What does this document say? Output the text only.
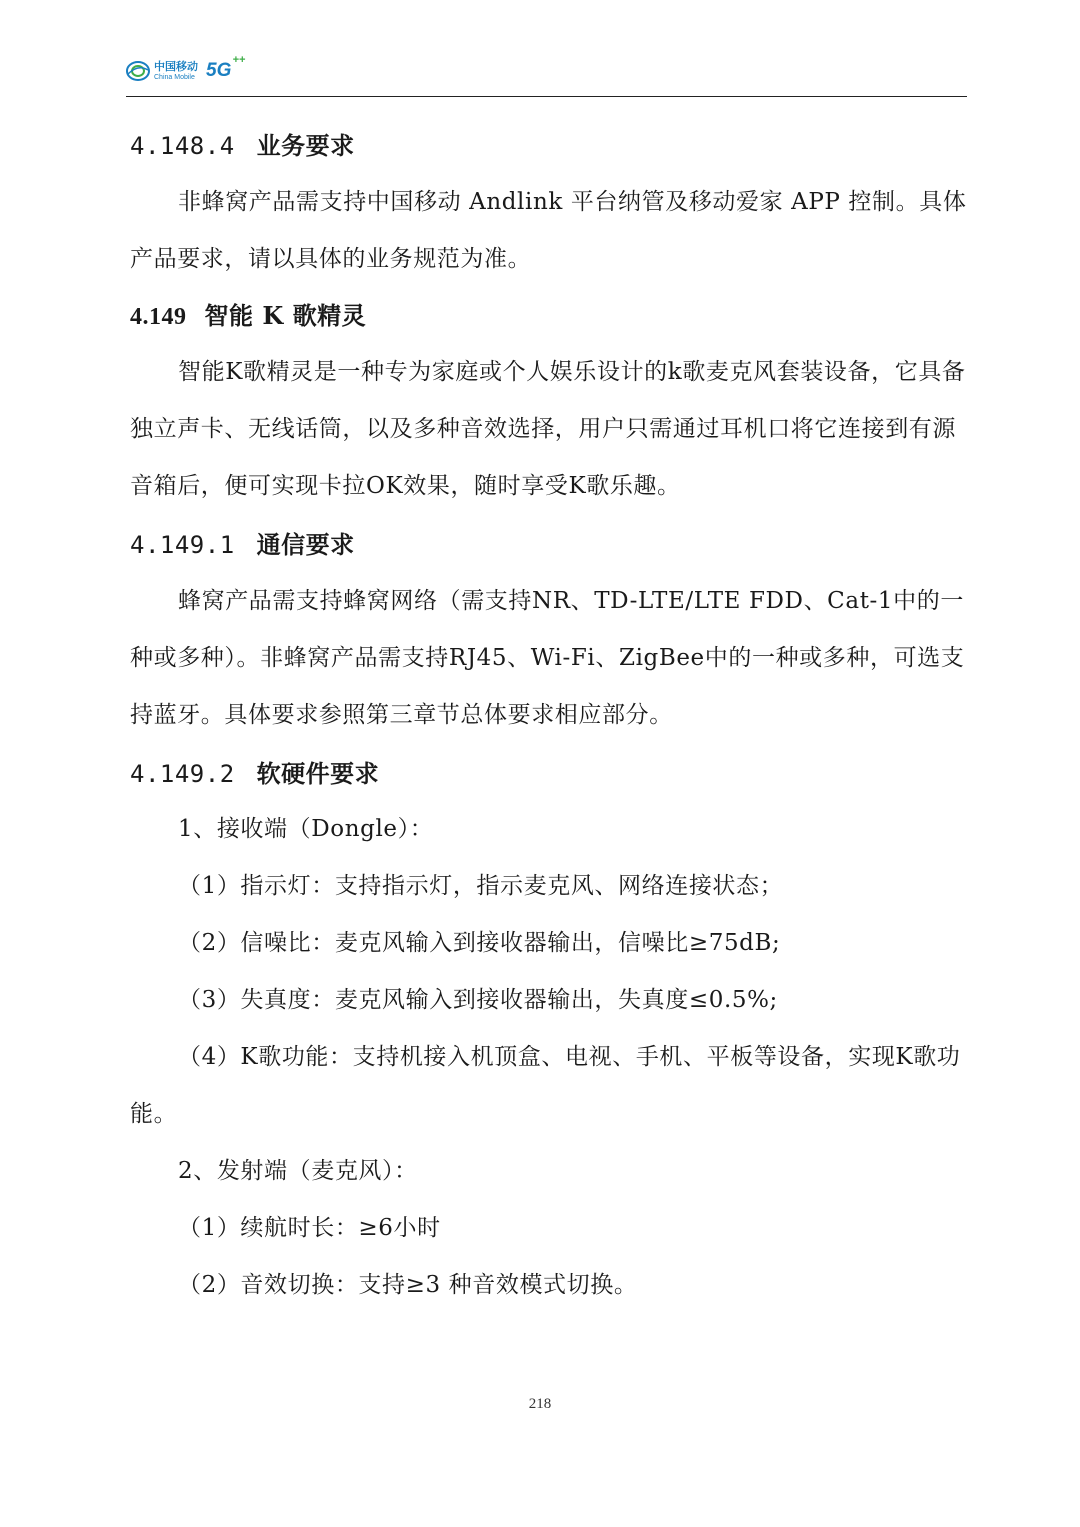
中国移动
China Mobile 5G ++
4.148.4 业务要求

非蜂窝产品需支持中国移动 Andlink 平台纳管及移动爱家 APP 控制。具体产品要求，请以具体的业务规范为准。

4.149 智能 K 歌精灵

智能K歌精灵是一种专为家庭或个人娱乐设计的k歌麦克风套装设备，它具备独立声卡、无线话筒，以及多种音效选择，用户只需通过耳机口将它连接到有源音箱后，便可实现卡拉OK效果，随时享受K歌乐趣。

4.149.1 通信要求

蜂窝产品需支持蜂窝网络（需支持NR、TD-LTE/LTE FDD、Cat-1中的一种或多种）。非蜂窝产品需支持RJ45、Wi-Fi、ZigBee中的一种或多种，可选支持蓝牙。具体要求参照第三章节总体要求相应部分。

4.149.2 软硬件要求

1、接收端（Dongle）：

（1）指示灯：支持指示灯，指示麦克风、网络连接状态；

（2）信噪比：麦克风输入到接收器输出，信噪比≥75dB;

（3）失真度：麦克风输入到接收器输出，失真度≤0.5%;

（4）K歌功能：支持机接入机顶盒、电视、手机、平板等设备，实现K歌功能。

2、发射端（麦克风）：

（1）续航时长：≥6小时

（2）音效切换：支持≥3 种音效模式切换。

218
